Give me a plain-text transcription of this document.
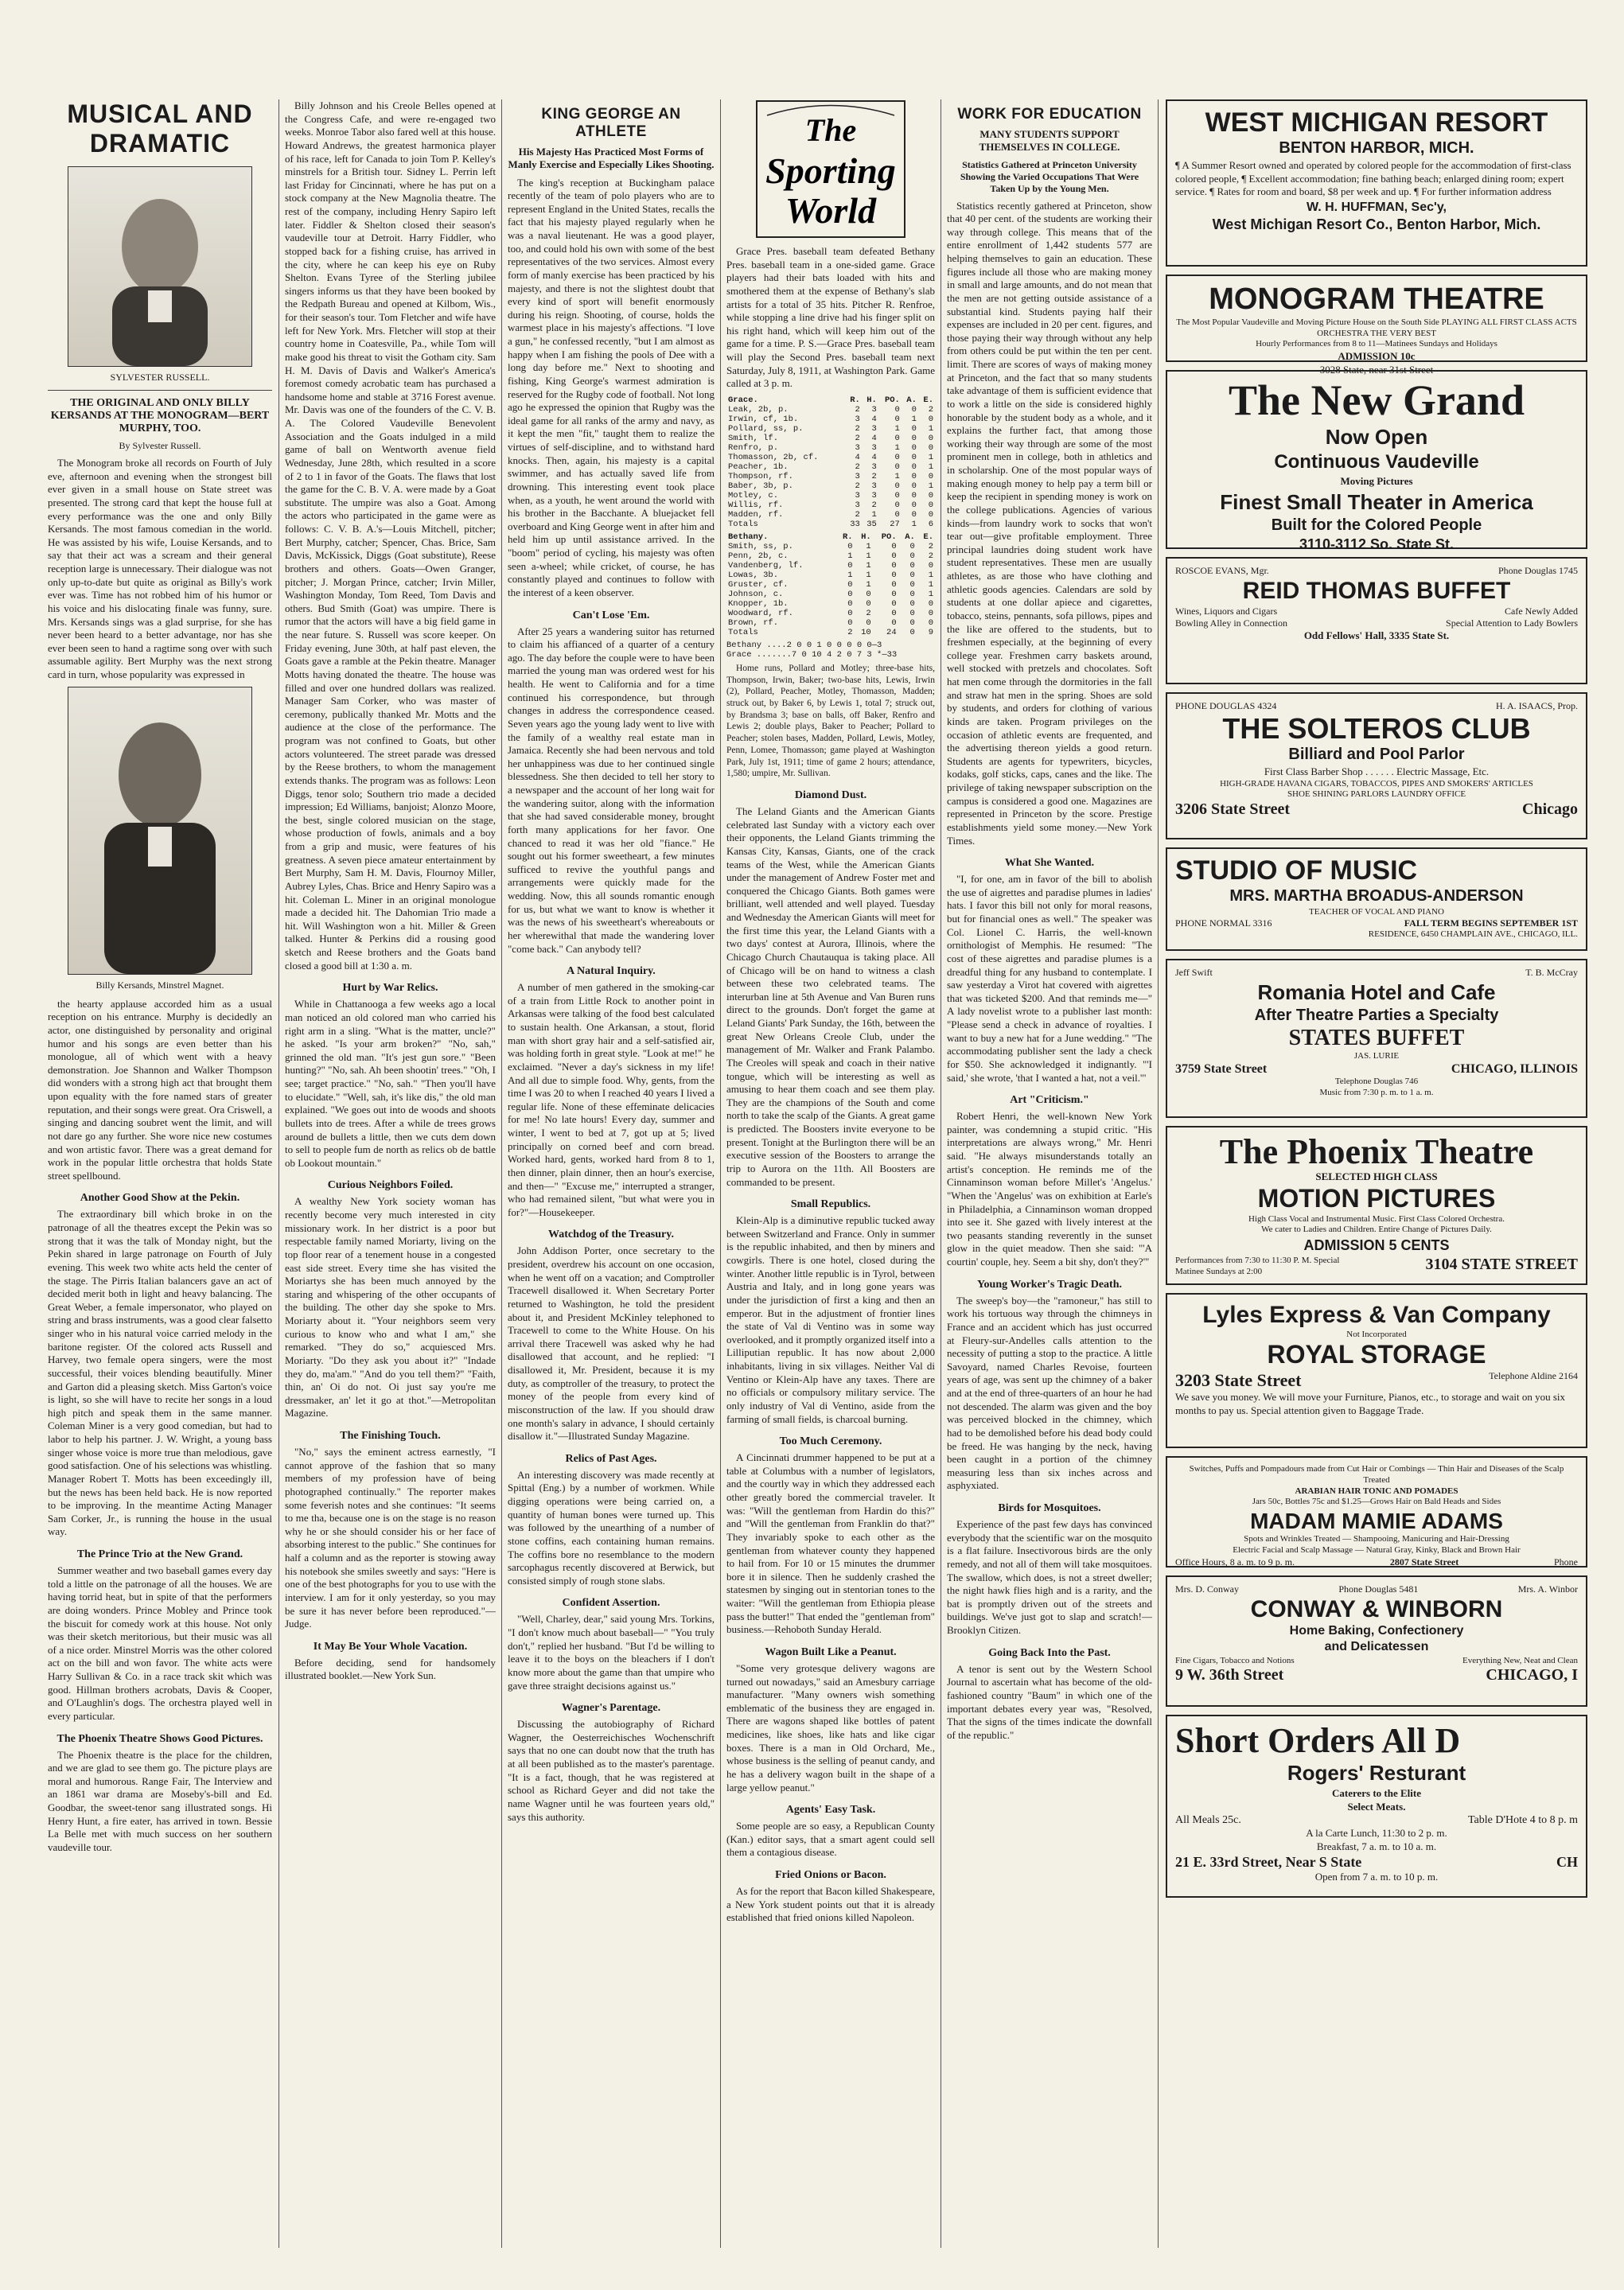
MUSICAL AND DRAMATIC
SYLVESTER RUSSELL.
THE ORIGINAL AND ONLY BILLY KERSANDS AT THE MONOGRAM—BERT MURPHY, TOO.
By Sylvester Russell.

The Monogram broke all records on Fourth of July eve, afternoon and evening when the strongest bill ever given in a small house on State street was presented. The strong card that kept the house full at every performance was the one and only Billy Kersands. The most famous comedian in the world. He was assisted by his wife, Louise Kersands, and to say that their act was a scream and their general reception large is unnecessary. Their dialogue was not only up-to-date but quite as original as Billy's work ever was. Time has not robbed him of his humor or his voice and his dislocating finale was funny, sure. Mrs. Kersands sings was a glad surprise, for she has never been heard to a better advantage, nor has she ever been seen to hand a ragtime song over with such assumable agility. Bert Murphy was the next strong card in turn, whose popularity was expressed in

Billy Kersands, Minstrel Magnet.

the hearty applause accorded him as a usual reception on his entrance. Murphy is decidedly an actor, one distinguished by personality and original humor and his songs are even better than his monologue, all of which went with a heavy demonstration. Joe Shannon and Walker Thompson did wonders with a strong high act that brought them upon equality with the fore named stars of greater reputation, and their songs were great. Ora Criswell, a singing and dancing soubret went the limit, and will not dare go any further. She wore nice new costumes and won artistic favor. There was a great demand for work in the popular little orchestra that holds State street spellbound.

Another Good Show at the Pekin.

The extraordinary bill which broke in on the patronage of all the theatres except the Pekin was so strong that it was the talk of Monday night, but the Pekin shared in large patronage on Fourth of July evening. This week two white acts held the center of the stage. The Pirris Italian balancers gave an act of decided merit both in light and heavy balancing. The Great Weber, a female impersonator, who played on string and brass instruments, was a good clear falsetto singer who in his natural voice carried melody in the baritone register. Of the colored acts Russell and Harvey, two female opera singers, were the most successful, their voices blending beautifully. Miner and Garton did a pleasing sketch. Miss Garton's voice is light, so she will have to recite her songs in a loud high pitch and speak them in the same manner. Coleman Miner is a very good comedian, but had to labor to help his partner. J. W. Wright, a young bass singer whose voice is more true than melodious, gave good satisfaction. One of his selections was whistling. Manager Robert T. Motts has been exceedingly ill, but the news has been held back. He is now reported to be improving. In the meantime Acting Manager Sam Corker, Jr., is running the house in the usual way.

The Prince Trio at the New Grand.

Summer weather and two baseball games every day told a little on the patronage of all the houses. We are having torrid heat, but in spite of that the performers are doing wonders. Prince Mobley and Prince took the biscuit for comedy work at this house. Not only was their sketch meritorious, but their music was all of a nice order. Minstrel Morris was the other colored act on the bill and won favor. The white acts were Harry Sullivan & Co. in a race track skit which was good. Hillman brothers acrobats, Davis & Cooper, and O'Laughlin's dogs. The orchestra played well in every particular.

The Phoenix Theatre Shows Good Pictures.

The Phoenix theatre is the place for the children, and we are glad to see them go. The picture plays are moral and humorous. Range Fair, The Interview and an 1861 war drama are Moseby's-bill and Ed. Goodbar, the sweet-tenor sang illustrated songs. Hi Henry Hunt, a fire eater, has arrived in town. Bessie La Belle met with much success on her southern vaudeville tour.

Billy Johnson and his Creole Belles opened at the Congress Cafe, and were re-engaged two weeks. Monroe Tabor also fared well at this house. Howard Andrews, the greatest harmonica player of his race, left for Canada to join Tom P. Kelley's minstrels for a British tour. Sidney L. Perrin left last Friday for Cincinnati, where he has put on a stock company at the New Magnolia theatre. The rest of the company, including Henry Sapiro left later. Fiddler & Shelton closed their season's vaudeville tour at Detroit. Harry Fiddler, who stopped back for a fishing cruise, has arrived in the city, where he can keep his eye on Ruby Shelton. Evans Tyree of the Sterling jubilee singers informs us that they have been booked by the Redpath Bureau and opened at Kilbom, Wis., for their season's tour. Tom Fletcher and wife have left for New York. Mrs. Fletcher will stop at their country home in Coatesville, Pa., while Tom will make good his threat to visit the Gotham city. Sam H. M. Davis of Davis and Walker's America's foremost comedy acrobatic team has purchased a handsome home and stable at 3716 Forest avenue. Mr. Davis was one of the founders of the C. V. B. A. The Colored Vaudeville Benevolent Association and the Goats indulged in a mild game of ball on Wentworth avenue field Wednesday, June 28th, which resulted in a score of 2 to 1 in favor of the Goats. The flaws that lost the game for the C. B. V. A. were made by a Goat substitute. The umpire was also a Goat. Among the actors who participated in the game were as follows: C. V. B. A.'s—Louis Mitchell, pitcher; Bert Murphy, catcher; Spencer, Chas. Brice, Sam Davis, McKissick, Diggs (Goat substitute), Reese brothers and others. Goats—Owen Granger, pitcher; J. Morgan Prince, catcher; Irvin Miller, Washington Monday, Tom Reed, Tom Davis and others. Bud Smith (Goat) was umpire. There is rumor that the actors will have a big field game in the near future. S. Russell was score keeper. On Friday evening, June 30th, at half past eleven, the Goats gave a ramble at the Pekin theatre. Manager Motts having donated the theatre. The house was filled and over one hundred dollars was realized. Manager Sam Corker, who was master of ceremony, publically thanked Mr. Motts and the audience at the close of the performance. The program was not confined to Goats, but other actors volunteered. The street parade was dressed by the Reese brothers, to whom the management extends thanks. The program was as follows: Leon Diggs, tenor solo; Southern trio made a decided impression; Ed Williams, banjoist; Alonzo Moore, the best, single colored musician on the stage, whose production of fowls, animals and a boy from a grip and music, were features of his greatness. A seven piece amateur entertainment by Bert Murphy, Sam H. M. Davis, Flournoy Miller, Aubrey Lyles, Chas. Brice and Henry Sapiro was a hit. Coleman L. Miner in an original monologue made a decided hit. The Dahomian Trio made a hit. Will Washington won a hit. Miller & Green talked. Hunter & Perkins did a rousing good sketch and Reese brothers and the Goats band closed a good bill at 1:30 a. m.

Hurt by War Relics.

While in Chattanooga a few weeks ago a local man noticed an old colored man who carried his right arm in a sling. "What is the matter, uncle?" he asked. "Is your arm broken?" "No, sah," grinned the old man. "It's jest gun sore." "Been hunting?" "No, sah. Ah been shootin' trees." "Oh, I see; target practice." "No, sah." "Then you'll have to elucidate." "Well, sah, it's like dis," the old man explained. "We goes out into de woods and shoots bullets into de trees. After a while de trees grows around de bullets a little, then we cuts dem down to sell to people fum de north as relics ob de battle ob Lookout mountain."

Curious Neighbors Foiled.

A wealthy New York society woman has recently become very much interested in city missionary work. In her district is a poor but respectable family named Moriarty, living on the top floor rear of a tenement house in a congested east side street. Every time she has visited the Moriartys she has been much annoyed by the staring and whispering of the other occupants of the building. The other day she spoke to Mrs. Moriarty about it. "Your neighbors seem very curious to know who and what I am," she remarked. "They do so," acquiesced Mrs. Moriarty. "Do they ask you about it?" "Indade they do, ma'am." "And do you tell them?" "Faith, thin, an' Oi do not. Oi just say you're me dressmaker, an' let it go at thot."—Metropolitan Magazine.

The Finishing Touch.

"No," says the eminent actress earnestly, "I cannot approve of the fashion that so many members of my profession have of being photographed continually." The reporter makes some feverish notes and she continues: "It seems to me tha, because one is on the stage is no reason why he or she should consider his or her face of absorbing interest to the public." She continues for half a column and as the reporter is stowing away his notebook she smiles sweetly and says: "Here is one of the best photographs for you to use with the interview. I am for it only yesterday, so you may be sure it has never before been reproduced."—Judge.

It May Be Your Whole Vacation.

Before deciding, send for handsomely illustrated booklet.—New York Sun.

KING GEORGE AN ATHLETE
His Majesty Has Practiced Most Forms of Manly Exercise and Especially Likes Shooting.

The king's reception at Buckingham palace recently of the team of polo players who are to represent England in the United States, recalls the fact that his majesty played regularly when he was a naval lieutenant. He was a good player, too, and could hold his own with some of the best representatives of the two services. Almost every form of manly exercise has been practiced by his majesty, and there is not the slightest doubt that every kind of sport will benefit enormously during his reign. Shooting, of course, holds the warmest place in his majesty's affections. "I love a gun," he confessed recently, "but I am almost as happy when I am fishing the pools of Dee with a long day before me." Next to shooting and fishing, King George's warmest admiration is reserved for the Rugby code of football. Not long ago he expressed the opinion that Rugby was the ideal game for all ranks of the army and navy, as it kept the men "fit," taught them to realize the virtues of self-discipline, and to withstand hard knocks. Then, again, his majesty is a capital swimmer, and has actually saved life from drowning. This interesting event took place when, as a youth, he went around the world with his brother in the Bacchante. A bluejacket fell overboard and King George went in after him and held him up until assistance arrived. In the "boom" period of cycling, his majesty was often seen a-wheel; while cricket, of course, he has constantly played and continues to follow with the interest of a keen observer.

Can't Lose 'Em.

After 25 years a wandering suitor has returned to claim his affianced of a quarter of a century ago. The day before the couple were to have been married the young man was ordered west for his health. He went to California and for a time continued his correspondence, but through changes in address the correspondence ceased. Seven years ago the young lady went to live with the family of a wealthy real estate man in Jamaica. Recently she had been nervous and told her unhappiness was due to her continued single blessedness. She then decided to tell her story to a newspaper and the account of her long wait for the wandering suitor, along with the information that she had saved considerable money, brought forth many applications for her favor. One chanced to read it was her old "fiance." He sought out his former sweetheart, a few minutes sufficed to revive the youthful pangs and arrangements were quickly made for the wedding. Now, this all sounds romantic enough for us, but what we want to know is whether it was the news of his sweetheart's whereabouts or her wherewithal that made the wandering lover "come back." Can anybody tell?

A Natural Inquiry.

A number of men gathered in the smoking-car of a train from Little Rock to another point in Arkansas were talking of the food best calculated to sustain health. One Arkansan, a stout, florid man with short gray hair and a self-satisfied air, was holding forth in great style. "Look at me!" he exclaimed. "Never a day's sickness in my life! And all due to simple food. Why, gents, from the time I was 20 to when I reached 40 years I lived a regular life. None of these effeminate delicacies for me! No late hours! Every day, summer and winter, I went to bed at 7, got up at 5; lived principally on corned beef and corn bread. Worked hard, gents, worked hard from 8 to 1, then dinner, plain dinner, then an hour's exercise, and then—" "Excuse me," interrupted a stranger, who had remained silent, "but what were you in for?"—Housekeeper.

Watchdog of the Treasury.

John Addison Porter, once secretary to the president, overdrew his account on one occasion, when he went off on a vacation; and Comptroller Tracewell disallowed it. When Secretary Porter returned to Washington, he told the president about it, and President McKinley telephoned to Tracewell to come to the White House. On his arrival there Tracewell was asked why he had disallowed that account, and he replied: "I disallowed it, Mr. President, because it is my duty, as comptroller of the treasury, to protect the money of the people from every kind of misconstruction of the law. If you should draw one month's salary in advance, I should certainly disallow it."—Illustrated Sunday Magazine.

Relics of Past Ages.

An interesting discovery was made recently at Spittal (Eng.) by a number of workmen. While digging operations were being carried on, a quantity of human bones were turned up. This was followed by the unearthing of a number of stone coffins, each containing human remains. The coffins bore no resemblance to the modern sarcophagus recently discovered at Berwick, but consisted simply of rough stone slabs.

Confident Assertion.

"Well, Charley, dear," said young Mrs. Torkins, "I don't know much about baseball—" "You truly don't," replied her husband. "But I'd be willing to leave it to the boys on the bleachers if I don't know more about the game than that umpire who gave three straight decisions against us."

Wagner's Parentage.

Discussing the autobiography of Richard Wagner, the Oesterreichisches Wochenschrift says that no one can doubt now that the truth has at all been published as to the master's parentage. "It is a fact, though, that he was registered at school as Richard Geyer and did not take the name Wagner until he was fourteen years old," says this authority.

The
Sporting
World

Grace Pres. baseball team defeated Bethany Pres. baseball team in a one-sided game. Grace players had their bats loaded with hits and smothered them at the expense of Bethany's slab artists for a total of 35 hits. Pitcher R. Renfroe, while stopping a line drive had his finger split on his right hand, which will keep him out of the game for a time. P. S.—Grace Pres. baseball team will play the Second Pres. baseball team next Saturday, July 8, 1911, at Washington Park. Game called at 3 p. m.

Grace.	R.	H.	PO.	A.	E.
Leak, 2b, p.	2	3	0	0	2
Irwin, cf, 1b.	3	4	0	1	0
Pollard, ss, p.	2	3	1	0	1
Smith, lf.	2	4	0	0	0
Renfro, p.	3	3	1	0	0
Thomasson, 2b, cf.	4	4	0	0	1
Peacher, 1b.	2	3	0	0	1
Thompson, rf.	3	2	1	0	0
Baber, 3b, p.	2	3	0	0	1
Motley, c.	3	3	0	0	0
Willis, rf.	3	2	0	0	0
Madden, rf.	2	1	0	0	0
Totals	33	35	27	1	6
Bethany.	R.	H.	PO.	A.	E.
Smith, ss, p.	0	1	0	0	2
Penn, 2b, c.	1	1	0	0	2
Vandenberg, lf.	0	1	0	0	0
Lowas, 3b.	1	1	0	0	1
Gruster, cf.	0	1	0	0	1
Johnson, c.	0	0	0	0	1
Knopper, 1b.	0	0	0	0	0
Woodward, rf.	0	2	0	0	0
Brown, rf.	0	0	0	0	0
Totals	2	10	24	0	9
Bethany ....2 0 0 1 0 0 0 0 0—3
Grace .......7 0 10 4 2 0 7 3 *—33

Home runs, Pollard and Motley; three-base hits, Thompson, Irwin, Baker; two-base hits, Lewis, Irwin (2), Pollard, Peacher, Motley, Thomasson, Madden; struck out, by Baker 6, by Lewis 1, total 7; struck out, by Brandsma 3; base on balls, off Baker, Renfro and Lewis 2; double plays, Baker to Peacher; Pollard to Peacher; stolen bases, Madden, Pollard, Lewis, Motley, Penn, Lomee, Thomasson; game played at Washington Park, July 1st, 1911; time of game 2 hours; attendance, 1,580; umpire, Mr. Sullivan.

Diamond Dust.

The Leland Giants and the American Giants celebrated last Sunday with a victory each over their opponents, the Leland Giants trimming the Kansas City, Kansas, Giants, one of the crack teams of the West, while the American Giants under the management of Andrew Foster met and conquered the Chicago Giants. Both games were brilliant, well attended and well played. Tuesday and Wednesday the American Giants will meet for the first time this year, the Leland Giants with a two days' contest at Aurora, Illinois, where the Chicago Church Chautauqua is taking place. All of Chicago will be on hand to witness a clash between these two celebrated teams. The interurban line at 5th Avenue and Van Buren runs direct to the grounds. Don't forget the game at Leland Giants' Park Sunday, the 16th, between the great New Orleans Creole Club, under the management of Mr. Walker and Frank Palambo. The Creoles will speak and coach in their native tongue, which will be interesting as well as amusing to hear them coach and see them play. They are the champions of the South and come north to take the scalp of the Giants. A great game is predicted. The Boosters invite everyone to be present. Tonight at the Burlington there will be an executive session of the Boosters to arrange the trip to Aurora on the 11th. All Boosters are commanded to be present.

Small Republics.

Klein-Alp is a diminutive republic tucked away between Switzerland and France. Only in summer is the republic inhabited, and then by miners and cowgirls. There is one hotel, closed during the winter. Another little republic is in Tyrol, between Austria and Italy, and in long gone years was under the jurisdiction of first a king and then an emperor. But in the adjustment of frontier lines the state of Val di Ventino was in some way overlooked, and it promptly organized itself into a Lilliputian republic. It has now about 2,000 inhabitants, living in six villages. Neither Val di Ventino or Klein-Alp have any taxes. There are no officials or compulsory military service. The only industry of Val di Ventino, aside from the farming of small fields, is charcoal burning.

Too Much Ceremony.

A Cincinnati drummer happened to be put at a table at Columbus with a number of legislators, and the courtly way in which they addressed each other greatly bored the commercial traveler. It was: "Will the gentleman from Hardin do this?" and "Will the gentleman from Franklin do that?" They invariably spoke to each other as the gentleman from whatever county they happened to hail from. For 10 or 15 minutes the drummer bore it in silence. Then he suddenly crashed the statesmen by singing out in stentorian tones to the waiter: "Will the gentleman from Ethiopia please pass the butter!" That ended the "gentleman from" business.—Rehoboth Sunday Herald.

Wagon Built Like a Peanut.

"Some very grotesque delivery wagons are turned out nowadays," said an Amesbury carriage manufacturer. "Many owners wish something emblematic of the business they are engaged in. There are wagons shaped like bottles of patent medicines, like shoes, like hats and like cigar boxes. There is a man in Old Orchard, Me., whose business is the selling of peanut candy, and he has a delivery wagon built in the shape of a large yellow peanut."

Agents' Easy Task.

Some people are so easy, a Republican County (Kan.) editor says, that a smart agent could sell them a contagious disease.

Fried Onions or Bacon.

As for the report that Bacon killed Shakespeare, a New York student points out that it is already established that fried onions killed Napoleon.

WORK FOR EDUCATION
MANY STUDENTS SUPPORT THEMSELVES IN COLLEGE.
Statistics Gathered at Princeton University Showing the Varied Occupations That Were Taken Up by the Young Men.

Statistics recently gathered at Princeton, show that 40 per cent. of the students are working their way through college. This means that of the entire enrollment of 1,442 students 577 are helping themselves to gain an education. These figures include all those who are making money in small and large amounts, and do not mean that the men are not getting outside assistance of a substantial kind. Students paying half their expenses are included in 20 per cent. figures, and those paying their way through without any help from others could be put within the ten per cent. limit. There are scores of ways of making money at Princeton, and the fact that so many students take advantage of them is sufficient evidence that to work a little on the side is considered highly honorable by the student body as a whole, and it explains the further fact, that among those working their way through are some of the most prominent men in college, both in athletics and in scholarship. One of the most popular ways of making enough money to help pay a term bill or keep the recipient in spending money is work on the college publications. Agencies of various kinds—from laundry work to socks that won't tear out—give profitable employment. Three principal laundries doing student work have student representatives. These men are usually athletes, as are those who have clothing and athletic goods agencies. Calendars are sold by students at one dollar apiece and cigarettes, tobacco, steins, pennants, sofa pillows, pipes and the like are offered to the students, but to freshmen especially, at the beginning of every college year. Freshmen carry baskets around, well stocked with pretzels and chocolates. Soft hat men come through the dormitories in the fall and straw hat men in the spring. Shoes are sold by students, and orders for clothing of various kinds are taken. Program privileges on the occasion of athletic events are frequented, and the advertising thereon yields a good return. Students are agents for typewriters, bicycles, kodaks, golf sticks, caps, canes and the like. The privilege of taking newspaper subscription on the campus is considered a good one. Magazines are represented in Princeton by the score. Prestige establishments yield some money.—New York Times.

What She Wanted.

"I, for one, am in favor of the bill to abolish the use of aigrettes and paradise plumes in ladies' hats. I favor this bill not only for moral reasons, but for financial ones as well." The speaker was Col. Lionel C. Harris, the well-known ornithologist of Memphis. He resumed: "The cost of these aigrettes and paradise plumes is a dreadful thing for any husband to contemplate. I saw yesterday a Virot hat covered with aigrettes that was ticketed $200. And that reminds me—" A lady novelist wrote to a publisher last month: "Please send a check in advance of royalties. I want to buy a new hat for a June wedding." "The accommodating publisher sent the lady a check for $50. She acknowledged it indignantly. "'I said,' she wrote, 'that I wanted a hat, not a veil.'"

Art "Criticism."

Robert Henri, the well-known New York painter, was condemning a stupid critic. "His interpretations are always wrong," Mr. Henri said. "He always misunderstands totally an artist's conception. He reminds me of the Cinnaminson woman before Millet's 'Angelus.' "When the 'Angelus' was on exhibition at Earle's in Philadelphia, a Cinnaminson woman dropped into see it. She gazed with lively interest at the two peasants standing reverently in the sunset glow in the quiet meadow. Then she said: "'A courtin' couple, hey. Seem a bit shy, don't they?'"

Young Worker's Tragic Death.

The sweep's boy—the "ramoneur," has still to work his tortuous way through the chimneys in France and an accident which has just occurred at Fleury-sur-Andelles calls attention to the necessity of putting a stop to the practice. A little Savoyard, named Charles Revoise, fourteen years of age, was sent up the chimney of a baker and at the end of three-quarters of an hour he had not descended. The alarm was given and the boy was perceived blocked in the chimney, which had to be demolished before his dead body could be freed. He was hanging by the neck, having been caught in a portion of the chimney measuring less than six inches across and asphyxiated.

Birds for Mosquitoes.

Experience of the past few days has convinced everybody that the scientific war on the mosquito is a flat failure. Insectivorous birds are the only remedy, and not all of them will take mosquitoes. The swallow, which does, is not a street dweller; the night hawk flies high and is a rarity, and the bat is promptly driven out of the streets and buildings. We've just got to slap and scratch!—Brooklyn Citizen.

Going Back Into the Past.

A tenor is sent out by the Western School Journal to ascertain what has become of the old-fashioned country "Baum" in which one of the important debates every year was, "Resolved, That the signs of the times indicate the downfall of the republic."

WEST MICHIGAN RESORT
BENTON HARBOR, MICH.
¶ A Summer Resort owned and operated by colored people for the accommodation of first-class colored people, ¶ Excellent accommodation; fine bathing beach; enlarged dining room; expert service. ¶ Rates for room and board, $8 per week and up. ¶ For further information address
W. H. HUFFMAN, Sec'y,
West Michigan Resort Co., Benton Harbor, Mich.
MONOGRAM THEATRE
The Most Popular Vaudeville and Moving Picture House on the South Side PLAYING ALL FIRST CLASS ACTS ORCHESTRA THE VERY BEST
Hourly Performances from 8 to 11—Matinees Sundays and Holidays
ADMISSION 10c
3028 State, near 31st Street
The New Grand
Now Open
Continuous Vaudeville
Moving Pictures
Finest Small Theater in America
Built for the Colored People
3110-3112 So. State St.
ROSCOE EVANS, Mgr.	Phone Douglas 1745
REID THOMAS BUFFET
Wines, Liquors and Cigars	Cafe Newly Added
Bowling Alley in Connection	Special Attention to Lady Bowlers
Odd Fellows' Hall, 3335 State St.
PHONE DOUGLAS 4324	H. A. ISAACS, Prop.
THE SOLTEROS CLUB
Billiard and Pool Parlor
First Class Barber Shop . . . . . . Electric Massage, Etc.
HIGH-GRADE HAVANA CIGARS, TOBACCOS, PIPES AND SMOKERS' ARTICLES
SHOE SHINING PARLORS LAUNDRY OFFICE
3206 State Street	Chicago
STUDIO OF MUSIC
MRS. MARTHA BROADUS-ANDERSON
TEACHER OF VOCAL AND PIANO
PHONE NORMAL 3316	FALL TERM BEGINS SEPTEMBER 1ST
RESIDENCE, 6450 CHAMPLAIN AVE., CHICAGO, ILL.
Jeff Swift	T. B. McCray
Romania Hotel and Cafe
After Theatre Parties a Specialty
STATES BUFFET
JAS. LURIE
3759 State Street	CHICAGO, ILLINOIS
Telephone Douglas 746
Music from 7:30 p. m. to 1 a. m.
The Phoenix Theatre
SELECTED HIGH CLASS
MOTION PICTURES
High Class Vocal and Instrumental Music. First Class Colored Orchestra.
We cater to Ladies and Children. Entire Change of Pictures Daily.
ADMISSION 5 CENTS
Performances from 7:30 to 11:30 P. M. Special Matinee Sundays at 2:00	3104 STATE STREET
Lyles Express & Van Company
Not Incorporated
ROYAL STORAGE
3203 State Street	Telephone Aldine 2164
We save you money. We will move your Furniture, Pianos, etc., to storage and wait on you six months to pay us. Special attention given to Baggage Trade.
Switches, Puffs and Pompadours made from Cut Hair or Combings — Thin Hair and Diseases of the Scalp Treated
ARABIAN HAIR TONIC AND POMADES
Jars 50c, Bottles 75c and $1.25—Grows Hair on Bald Heads and Sides
MADAM MAMIE ADAMS
Spots and Wrinkles Treated — Shampooing, Manicuring and Hair-Dressing
Electric Facial and Scalp Massage — Natural Gray, Kinky, Black and Brown Hair
Office Hours, 8 a. m. to 9 p. m.	2807 State Street	Phone
Mrs. D. Conway	Phone Douglas 5481	Mrs. A. Winbor
CONWAY & WINBORN
Home Baking, Confectionery
and Delicatessen
Fine Cigars, Tobacco and Notions	Everything New, Neat and Clean
9 W. 36th Street	CHICAGO, I
Short Orders All D
Rogers' Resturant
Caterers to the Elite
Select Meats.
All Meals 25c.	Table D'Hote 4 to 8 p. m
A la Carte Lunch, 11:30 to 2 p. m.
Breakfast, 7 a. m. to 10 a. m.
21 E. 33rd Street, Near S State	CH
Open from 7 a. m. to 10 p. m.
